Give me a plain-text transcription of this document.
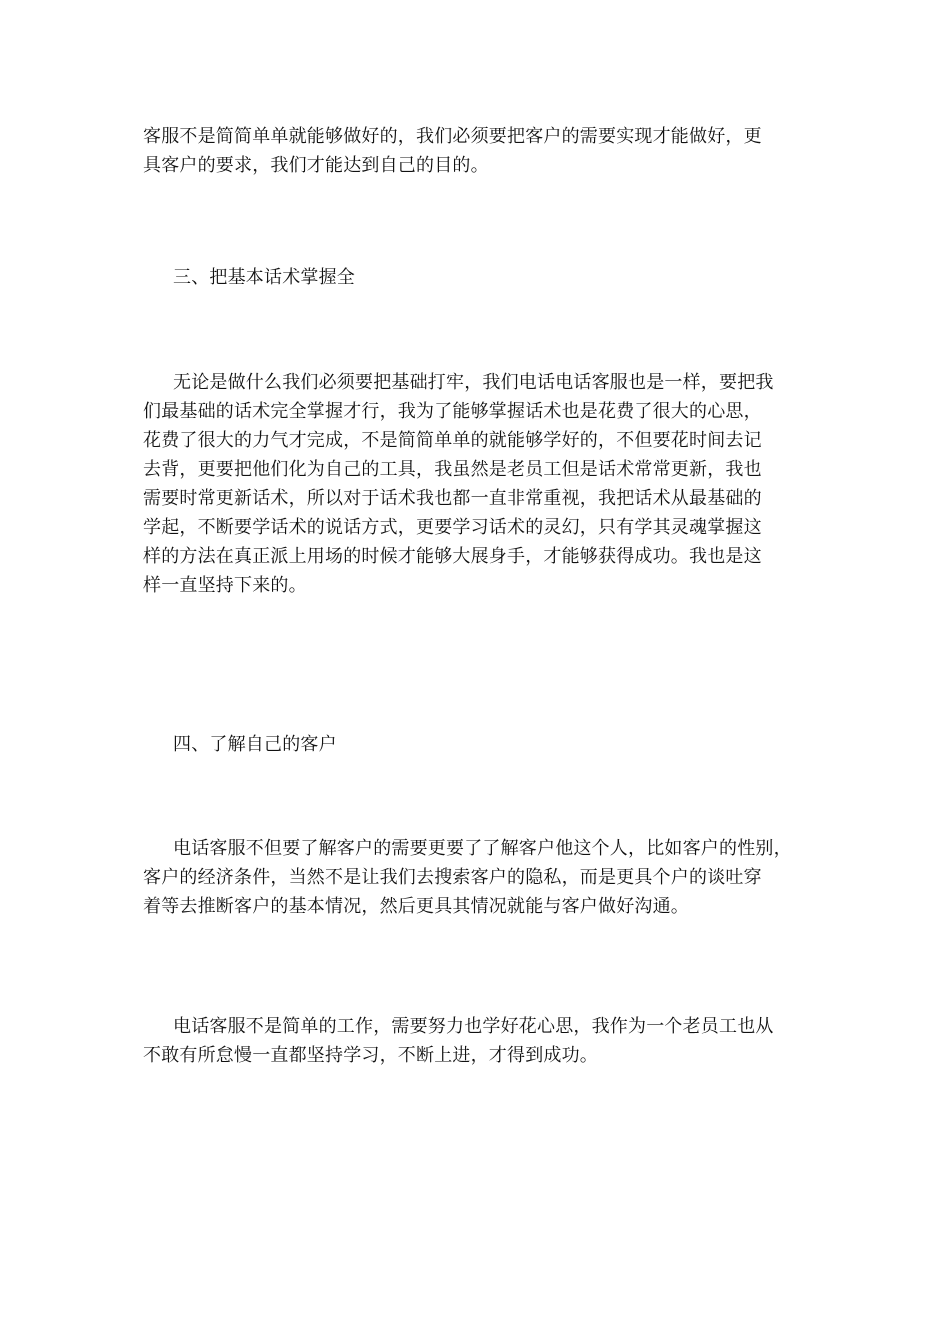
客服不是简简单单就能够做好的，我们必须要把客户的需要实现才能做好，更
具客户的要求，我们才能达到自己的目的。
三、把基本话术掌握全
无论是做什么我们必须要把基础打牢，我们电话电话客服也是一样，要把我
们最基础的话术完全掌握才行，我为了能够掌握话术也是花费了很大的心思，
花费了很大的力气才完成，不是简简单单的就能够学好的，不但要花时间去记
去背，更要把他们化为自己的工具，我虽然是老员工但是话术常常更新，我也
需要时常更新话术，所以对于话术我也都一直非常重视，我把话术从最基础的
学起，不断要学话术的说话方式，更要学习话术的灵幻，只有学其灵魂掌握这
样的方法在真正派上用场的时候才能够大展身手，才能够获得成功。我也是这
样一直坚持下来的。
四、了解自己的客户
电话客服不但要了解客户的需要更要了了解客户他这个人，比如客户的性别，
客户的经济条件，当然不是让我们去搜索客户的隐私，而是更具个户的谈吐穿
着等去推断客户的基本情况，然后更具其情况就能与客户做好沟通。
电话客服不是简单的工作，需要努力也学好花心思，我作为一个老员工也从
不敢有所怠慢一直都坚持学习，不断上进，才得到成功。
